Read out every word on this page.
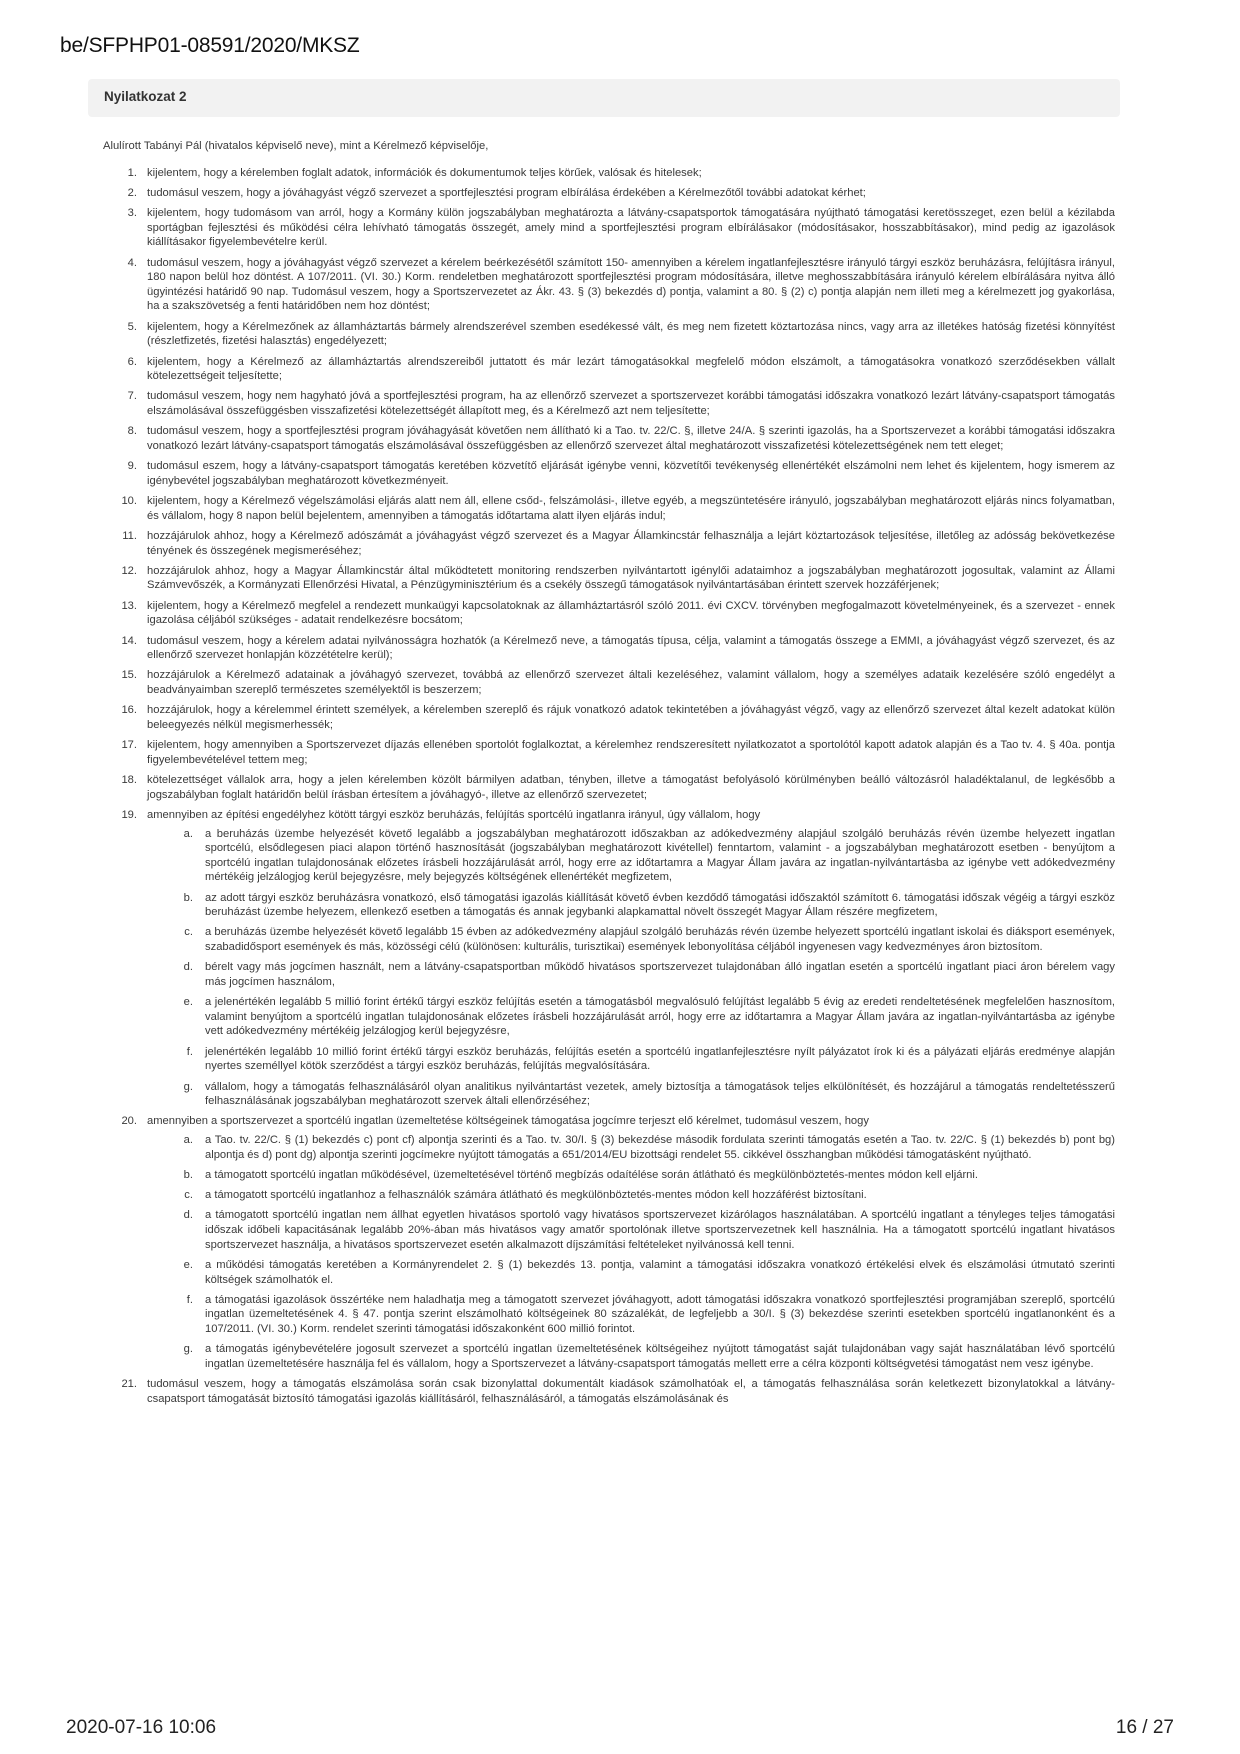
be/SFPHP01-08591/2020/MKSZ
Nyilatkozat 2

Alulírott Tabányi Pál (hivatalos képviselő neve), mint a Kérelmező képviselője,

1. kijelentem, hogy a kérelemben foglalt adatok, információk és dokumentumok teljes körűek, valósak és hitelesek;
2. tudomásul veszem, hogy a jóváhagyást végző szervezet a sportfejlesztési program elbírálása érdekében a Kérelmezőtől további adatokat kérhet;
3. kijelentem, hogy tudomásom van arról, hogy a Kormány külön jogszabályban meghatározta a látvány-csapatsportok támogatására nyújtható támogatási keretösszeget, ezen belül a kézilabda sportágban fejlesztési és működési célra lehívható támogatás összegét, amely mind a sportfejlesztési program elbírálásakor (módosításakor, hosszabbításakor), mind pedig az igazolások kiállításakor figyelembevételre kerül.
4. tudomásul veszem, hogy a jóváhagyást végző szervezet a kérelem beérkezésétől számított 150- amennyiben a kérelem ingatlanfejlesztésre irányuló tárgyi eszköz beruházásra, felújításra irányul, 180 napon belül hoz döntést. A 107/2011. (VI. 30.) Korm. rendeletben meghatározott sportfejlesztési program módosítására, illetve meghosszabbítására irányuló kérelem elbírálására nyitva álló ügyintézési határidő 90 nap. Tudomásul veszem, hogy a Sportszervezetet az Ákr. 43. § (3) bekezdés d) pontja, valamint a 80. § (2) c) pontja alapján nem illeti meg a kérelmezett jog gyakorlása, ha a szakszövetség a fenti határidőben nem hoz döntést;
5. kijelentem, hogy a Kérelmezőnek az államháztartás bármely alrendszerével szemben esedékessé vált, és meg nem fizetett köztartozása nincs, vagy arra az illetékes hatóság fizetési könnyítést (részletfizetés, fizetési halasztás) engedélyezett;
6. kijelentem, hogy a Kérelmező az államháztartás alrendszereiből juttatott és már lezárt támogatásokkal megfelelő módon elszámolt, a támogatásokra vonatkozó szerződésekben vállalt kötelezettségeit teljesítette;
7. tudomásul veszem, hogy nem hagyható jóvá a sportfejlesztési program, ha az ellenőrző szervezet a sportszervezet korábbi támogatási időszakra vonatkozó lezárt látvány-csapatsport támogatás elszámolásával összefüggésben visszafizetési kötelezettségét állapított meg, és a Kérelmező azt nem teljesítette;
8. tudomásul veszem, hogy a sportfejlesztési program jóváhagyását követően nem állítható ki a Tao. tv. 22/C. §, illetve 24/A. § szerinti igazolás, ha a Sportszervezet a korábbi támogatási időszakra vonatkozó lezárt látvány-csapatsport támogatás elszámolásával összefüggésben az ellenőrző szervezet által meghatározott visszafizetési kötelezettségének nem tett eleget;
9. tudomásul eszem, hogy a látvány-csapatsport támogatás keretében közvetítő eljárását igénybe venni, közvetítői tevékenység ellenértékét elszámolni nem lehet és kijelentem, hogy ismerem az igénybevétel jogszabályban meghatározott következményeit.
10. kijelentem, hogy a Kérelmező végelszámolási eljárás alatt nem áll, ellene csőd-, felszámolási-, illetve egyéb, a megszüntetésére irányuló, jogszabályban meghatározott eljárás nincs folyamatban, és vállalom, hogy 8 napon belül bejelentem, amennyiben a támogatás időtartama alatt ilyen eljárás indul;
11. hozzájárulok ahhoz, hogy a Kérelmező adószámát a jóváhagyást végző szervezet és a Magyar Államkincstár felhasználja a lejárt köztartozások teljesítése, illetőleg az adósság bekövetkezése tényének és összegének megismeréséhez;
12. hozzájárulok ahhoz, hogy a Magyar Államkincstár által működtetett monitoring rendszerben nyilvántartott igénylői adataimhoz a jogszabályban meghatározott jogosultak, valamint az Állami Számvevőszék, a Kormányzati Ellenőrzési Hivatal, a Pénzügyminisztérium és a csekély összegű támogatások nyilvántartásában érintett szervek hozzáférjenek;
13. kijelentem, hogy a Kérelmező megfelel a rendezett munkaügyi kapcsolatoknak az államháztartásról szóló 2011. évi CXCV. törvényben megfogalmazott követelményeinek, és a szervezet - ennek igazolása céljából szükséges - adatait rendelkezésre bocsátom;
14. tudomásul veszem, hogy a kérelem adatai nyilvánosságra hozhatók (a Kérelmező neve, a támogatás típusa, célja, valamint a támogatás összege a EMMI, a jóváhagyást végző szervezet, és az ellenőrző szervezet honlapján közzétételre kerül);
15. hozzájárulok a Kérelmező adatainak a jóváhagyó szervezet, továbbá az ellenőrző szervezet általi kezeléséhez, valamint vállalom, hogy a személyes adataik kezelésére szóló engedélyt a beadványaimban szereplő természetes személyektől is beszerzem;
16. hozzájárulok, hogy a kérelemmel érintett személyek, a kérelemben szereplő és rájuk vonatkozó adatok tekintetében a jóváhagyást végző, vagy az ellenőrző szervezet által kezelt adatokat külön beleegyezés nélkül megismerhessék;
17. kijelentem, hogy amennyiben a Sportszervezet díjazás ellenében sportolót foglalkoztat, a kérelemhez rendszeresített nyilatkozatot a sportolótól kapott adatok alapján és a Tao tv. 4. § 40a. pontja figyelembevételével tettem meg;
18. kötelezettséget vállalok arra, hogy a jelen kérelemben közölt bármilyen adatban, tényben, illetve a támogatást befolyásoló körülményben beálló változásról haladéktalanul, de legkésőbb a jogszabályban foglalt határidőn belül írásban értesítem a jóváhagyó-, illetve az ellenőrző szervezetet;
19. amennyiben az építési engedélyhez kötött tárgyi eszköz beruházás, felújítás sportcélú ingatlanra irányul, úgy vállalom, hogy
a. a beruházás üzembe helyezését követő legalább a jogszabályban meghatározott időszakban az adókedvezmény alapjául szolgáló beruházás révén üzembe helyezett ingatlan sportcélú, elsődlegesen piaci alapon történő hasznosítását (jogszabályban meghatározott kivétellel) fenntartom, valamint - a jogszabályban meghatározott esetben - benyújtom a sportcélú ingatlan tulajdonosának előzetes írásbeli hozzájárulását arról, hogy erre az időtartamra a Magyar Állam javára az ingatlan-nyilvántartásba az igénybe vett adókedvezmény mértékéig jelzálogjog kerül bejegyzésre, mely bejegyzés költségének ellenértékét megfizetem,
b. az adott tárgyi eszköz beruházásra vonatkozó, első támogatási igazolás kiállítását követő évben kezdődő támogatási időszaktól számított 6. támogatási időszak végéig a tárgyi eszköz beruházást üzembe helyezem, ellenkező esetben a támogatás és annak jegybanki alapkamattal növelt összegét Magyar Állam részére megfizetem,
c. a beruházás üzembe helyezését követő legalább 15 évben az adókedvezmény alapjául szolgáló beruházás révén üzembe helyezett sportcélú ingatlant iskolai és diáksport események, szabadidősport események és más, közösségi célú (különösen: kulturális, turisztikai) események lebonyolítása céljából ingyenesen vagy kedvezményes áron biztosítom.
d. bérelt vagy más jogcímen használt, nem a látvány-csapatsportban működő hivatásos sportszervezet tulajdonában álló ingatlan esetén a sportcélú ingatlant piaci áron bérelem vagy más jogcímen használom,
e. a jelenértékén legalább 5 millió forint értékű tárgyi eszköz felújítás esetén a támogatásból megvalósuló felújítást legalább 5 évig az eredeti rendeltetésének megfelelően hasznosítom, valamint benyújtom a sportcélú ingatlan tulajdonosának előzetes írásbeli hozzájárulását arról, hogy erre az időtartamra a Magyar Állam javára az ingatlan-nyilvántartásba az igénybe vett adókedvezmény mértékéig jelzálogjog kerül bejegyzésre,
f. jelenértékén legalább 10 millió forint értékű tárgyi eszköz beruházás, felújítás esetén a sportcélú ingatlanfejlesztésre nyílt pályázatot írok ki és a pályázati eljárás eredménye alapján nyertes személlyel kötök szerződést a tárgyi eszköz beruházás, felújítás megvalósítására.
g. vállalom, hogy a támogatás felhasználásáról olyan analitikus nyilvántartást vezetek, amely biztosítja a támogatások teljes elkülönítését, és hozzájárul a támogatás rendeltetésszerű felhasználásának jogszabályban meghatározott szervek általi ellenőrzéséhez;
20. amennyiben a sportszervezet a sportcélú ingatlan üzemeltetése költségeinek támogatása jogcímre terjeszt elő kérelmet, tudomásul veszem, hogy
a. a Tao. tv. 22/C. § (1) bekezdés c) pont cf) alpontja szerinti és a Tao. tv. 30/I. § (3) bekezdése második fordulata szerinti támogatás esetén a Tao. tv. 22/C. § (1) bekezdés b) pont bg) alpontja és d) pont dg) alpontja szerinti jogcímekre nyújtott támogatás a 651/2014/EU bizottsági rendelet 55. cikkével összhangban működési támogatásként nyújtható.
b. a támogatott sportcélú ingatlan működésével, üzemeltetésével történő megbízás odaítélése során átlátható és megkülönböztetés-mentes módon kell eljárni.
c. a támogatott sportcélú ingatlanhoz a felhasználók számára átlátható és megkülönböztetés-mentes módon kell hozzáférést biztosítani.
d. a támogatott sportcélú ingatlan nem állhat egyetlen hivatásos sportoló vagy hivatásos sportszervezet kizárólagos használatában. A sportcélú ingatlant a tényleges teljes támogatási időszak időbeli kapacitásának legalább 20%-ában más hivatásos vagy amatőr sportolónak illetve sportszervezetnek kell használnia. Ha a támogatott sportcélú ingatlant hivatásos sportszervezet használja, a hivatásos sportszervezet esetén alkalmazott díjszámítási feltételeket nyilvánossá kell tenni.
e. a működési támogatás keretében a Kormányrendelet 2. § (1) bekezdés 13. pontja, valamint a támogatási időszakra vonatkozó értékelési elvek és elszámolási útmutató szerinti költségek számolhatók el.
f. a támogatási igazolások összértéke nem haladhatja meg a támogatott szervezet jóváhagyott, adott támogatási időszakra vonatkozó sportfejlesztési programjában szereplő, sportcélú ingatlan üzemeltetésének 4. § 47. pontja szerint elszámolható költségeinek 80 százalékát, de legfeljebb a 30/I. § (3) bekezdése szerinti esetekben sportcélú ingatlanonként és a 107/2011. (VI. 30.) Korm. rendelet szerinti támogatási időszakonként 600 millió forintot.
g. a támogatás igénybevételére jogosult szervezet a sportcélú ingatlan üzemeltetésének költségeihez nyújtott támogatást saját tulajdonában vagy saját használatában lévő sportcélú ingatlan üzemeltetésére használja fel és vállalom, hogy a Sportszervezet a látvány-csapatsport támogatás mellett erre a célra központi költségvetési támogatást nem vesz igénybe.
21. tudomásul veszem, hogy a támogatás elszámolása során csak bizonylattal dokumentált kiadások számolhatóak el, a támogatás felhasználása során keletkezett bizonylatokkal a látvány-csapatsport támogatását biztosító támogatási igazolás kiállításáról, felhasználásáról, a támogatás elszámolásának és
2020-07-16 10:06	16 / 27
